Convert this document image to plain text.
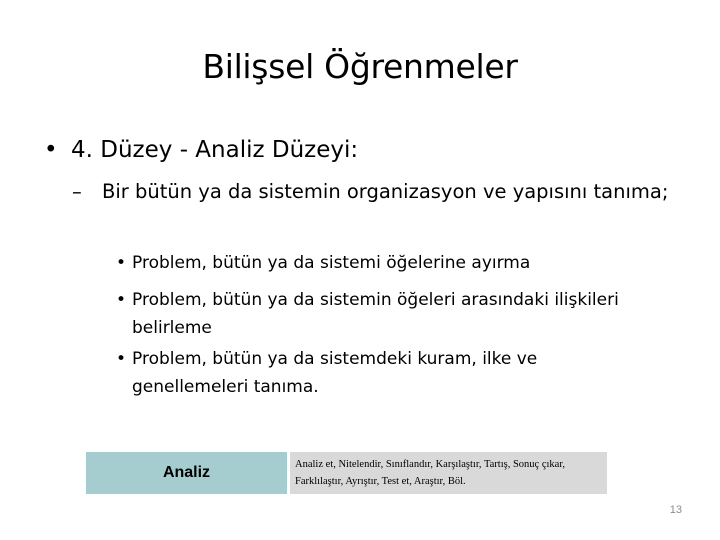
Bilişsel Öğrenmeler
• 4. Düzey - Analiz Düzeyi:
–	Bir bütün ya da sistemin organizasyon ve yapısını tanıma;
• Problem, bütün ya da sistemi öğelerine ayırma
• Problem, bütün ya da sistemin öğeleri arasındaki ilişkileri belirleme
• Problem, bütün ya da sistemdeki kuram, ilke ve genellemeleri tanıma.
Analiz	Analiz et, Nitelendir, Sınıflandır, Karşılaştır, Tartış, Sonuç çıkar, Farklılaştır, Ayrıştır, Test et, Araştır, Böl.
13
